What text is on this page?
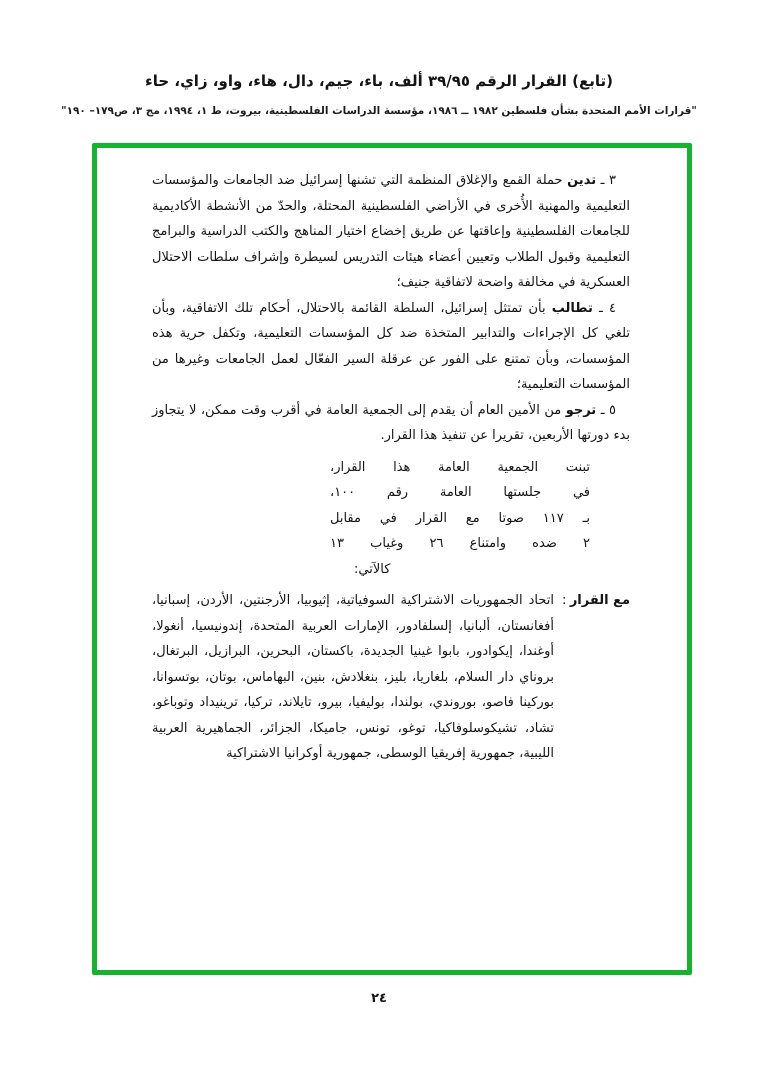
(تابع) القرار الرقم ٣٩/٩٥ ألف، باء، جيم، دال، هاء، واو، زاي، حاء
"قرارات الأمم المتحدة بشأن فلسطين ١٩٨٢ ــ ١٩٨٦، مؤسسة الدراسات الفلسطينية، بيروت، ط ١، ١٩٩٤، مج ٣، ص١٧٩– ١٩٠"

٣ ـ تدين حملة القمع والإغلاق المنظمة التي تشنها إسرائيل ضد الجامعات والمؤسسات التعليمية والمهنية الأُخرى في الأراضي الفلسطينية المحتلة، والحدّ من الأنشطة الأكاديمية للجامعات الفلسطينية وإعاقتها عن طريق إخضاع اختيار المناهج والكتب الدراسية والبرامج التعليمية وقبول الطلاب وتعيين أعضاء هيئات التدريس لسيطرة وإشراف سلطات الاحتلال العسكرية في مخالفة واضحة لاتفاقية جنيف؛

٤ ـ تطالب بأن تمتثل إسرائيل، السلطة القائمة بالاحتلال، أحكام تلك الاتفاقية، وبأن تلغي كل الإجراءات والتدابير المتخذة ضد كل المؤسسات التعليمية، وتكفل حرية هذه المؤسسات، وبأن تمتنع على الفور عن عرقلة السير الفعّال لعمل الجامعات وغيرها من المؤسسات التعليمية؛

٥ ـ ترجو من الأمين العام أن يقدم إلى الجمعية العامة في أقرب وقت ممكن، لا يتجاوز بدء دورتها الأربعين، تقريرا عن تنفيذ هذا القرار.

تبنت الجمعية العامة هذا القرار،
في جلستها العامة رقم ١٠٠،
بـ ١١٧ صوتا مع القرار في مقابل
٢ ضده وامتناع ٢٦ وغياب ١٣
كالآتي:
مع القرار
:
اتحاد الجمهوريات الاشتراكية السوفياتية، إثيوبيا، الأرجنتين، الأردن، إسبانيا، أفغانستان، ألبانيا، إلسلفادور، الإمارات العربية المتحدة، إندونيسيا، أنغولا، أوغندا، إيكوادور، بابوا غينيا الجديدة، باكستان، البحرين، البرازيل، البرتغال، بروناي دار السلام، بلغاريا، بليز، بنغلادش، بنين، البهاماس، بوتان، بوتسوانا، بوركينا فاصو، بوروندي، بولندا، بوليفيا، بيرو، تايلاند، تركيا، ترينيداد وتوباغو، تشاد، تشيكوسلوفاكيا، توغو، تونس، جاميكا، الجزائر، الجماهيرية العربية الليبية، جمهورية إفريقيا الوسطى، جمهورية أوكرانيا الاشتراكية
٢٤
